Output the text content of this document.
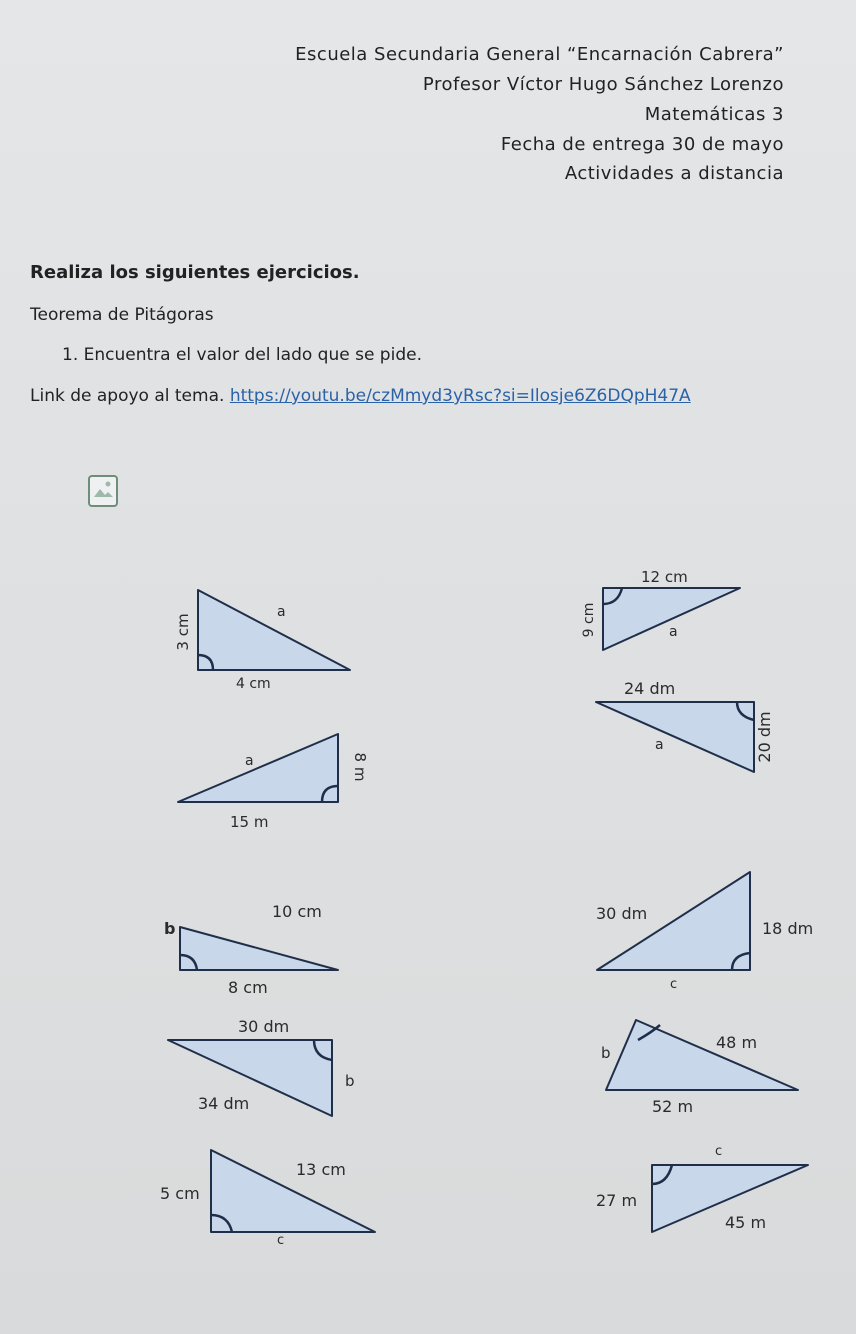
Escuela Secundaria General “Encarnación Cabrera”
Profesor Víctor Hugo Sánchez Lorenzo
Matemáticas 3
Fecha de entrega 30 de mayo
Actividades a distancia
Realiza los siguientes ejercicios.
Teorema de Pitágoras
1. Encuentra el valor del lado que se pide.
Link de apoyo al tema. https://youtu.be/czMmyd3yRsc?si=Ilosje6Z6DQpH47A
3 cm
a
4 cm
12 cm
9 cm	a
24 dm
20 dm
a
a	8 m
15 m
b
10 cm
8 cm
30 dm
18 dm
c
30 dm
b
34 dm
b
48 m
52 m
5 cm
13 cm
c
c
27 m
45 m
